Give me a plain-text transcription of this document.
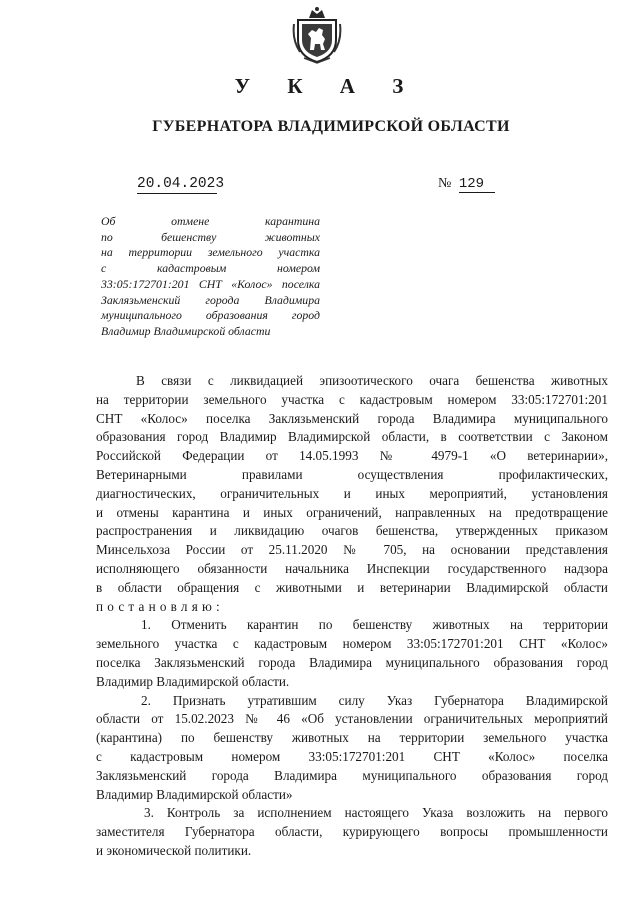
У К А З
ГУБЕРНАТОРА ВЛАДИМИРСКОЙ ОБЛАСТИ
20.04.2023	№ 129
Об отмене карантина
по бешенству животных
на территории земельного участка
с кадастровым номером
33:05:172701:201 СНТ «Колос» поселка
Заклязьменский города Владимира
муниципального образования город
Владимир Владимирской области
В связи с ликвидацией эпизоотического очага бешенства животных
на территории земельного участка с кадастровым номером 33:05:172701:201
СНТ «Колос» поселка Заклязьменский города Владимира муниципального
образования город Владимир Владимирской области, в соответствии с Законом
Российской Федерации от 14.05.1993 № 4979-1 «О ветеринарии»,
Ветеринарными правилами осуществления профилактических,
диагностических, ограничительных и иных мероприятий, установления
и отмены карантина и иных ограничений, направленных на предотвращение
распространения и ликвидацию очагов бешенства, утвержденных приказом
Минсельхоза России от 25.11.2020 № 705, на основании представления
исполняющего обязанности начальника Инспекции государственного надзора
в области обращения с животными и ветеринарии Владимирской области
постановляю:
1. Отменить карантин по бешенству животных на территории
земельного участка с кадастровым номером 33:05:172701:201 СНТ «Колос»
поселка Заклязьменский города Владимира муниципального образования город
Владимир Владимирской области.
2. Признать утратившим силу Указ Губернатора Владимирской
области от 15.02.2023 № 46 «Об установлении ограничительных мероприятий
(карантина) по бешенству животных на территории земельного участка
с кадастровым номером 33:05:172701:201 СНТ «Колос» поселка
Заклязьменский города Владимира муниципального образования город
Владимир Владимирской области»
3. Контроль за исполнением настоящего Указа возложить на первого
заместителя Губернатора области, курирующего вопросы промышленности
и экономической политики.
